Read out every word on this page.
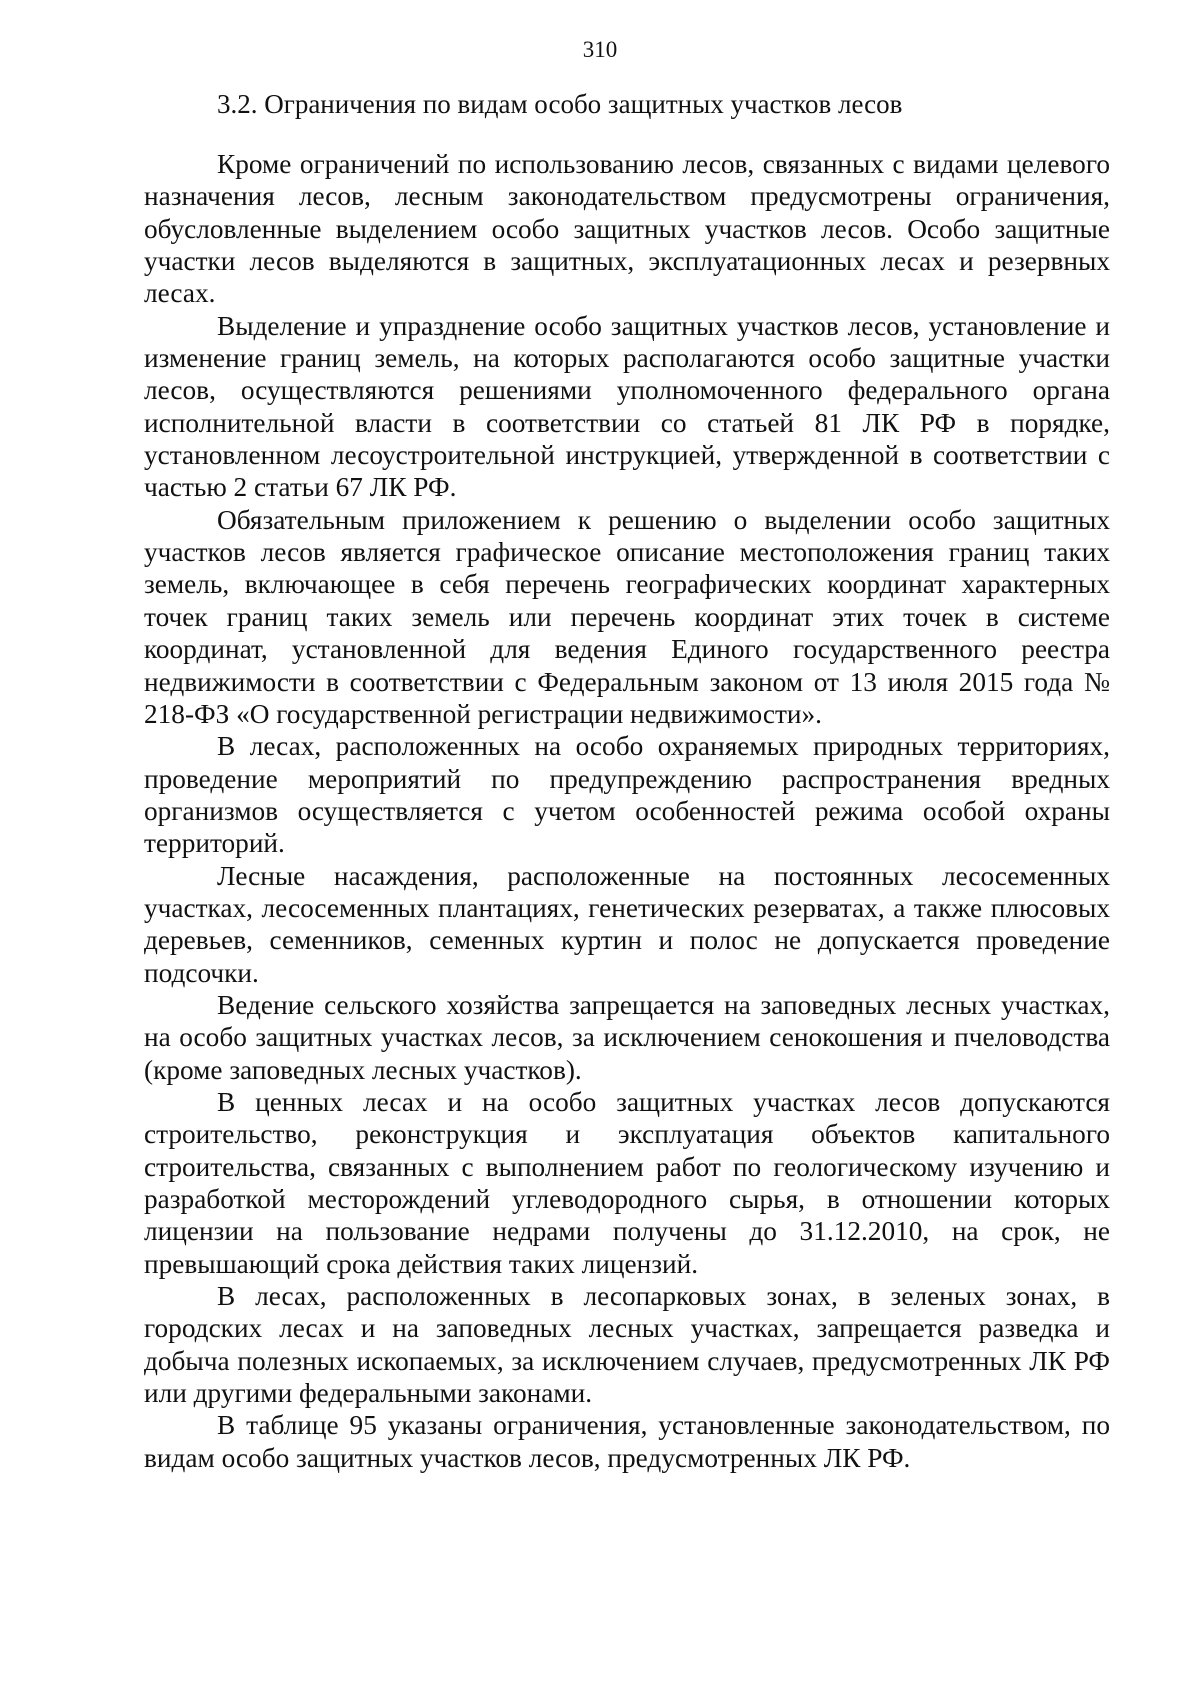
310
3.2. Ограничения по видам особо защитных участков лесов

Кроме ограничений по использованию лесов, связанных с видами целевого назначения лесов, лесным законодательством предусмотрены ограничения, обусловленные выделением особо защитных участков лесов. Особо защитные участки лесов выделяются в защитных, эксплуатационных лесах и резервных лесах.

Выделение и упразднение особо защитных участков лесов, установление и изменение границ земель, на которых располагаются особо защитные участки лесов, осуществляются решениями уполномоченного федерального органа исполнительной власти в соответствии со статьей 81 ЛК РФ в порядке, установленном лесоустроительной инструкцией, утвержденной в соответствии с частью 2 статьи 67 ЛК РФ.

Обязательным приложением к решению о выделении особо защитных участков лесов является графическое описание местоположения границ таких земель, включающее в себя перечень географических координат характерных точек границ таких земель или перечень координат этих точек в системе координат, установленной для ведения Единого государственного реестра недвижимости в соответствии с Федеральным законом от 13 июля 2015 года № 218-ФЗ «О государственной регистрации недвижимости».

В лесах, расположенных на особо охраняемых природных территориях, проведение мероприятий по предупреждению распространения вредных организмов осуществляется с учетом особенностей режима особой охраны территорий.

Лесные насаждения, расположенные на постоянных лесосеменных участках, лесосеменных плантациях, генетических резерватах, а также плюсовых деревьев, семенников, семенных куртин и полос не допускается проведение подсочки.

Ведение сельского хозяйства запрещается на заповедных лесных участках, на особо защитных участках лесов, за исключением сенокошения и пчеловодства (кроме заповедных лесных участков).

В ценных лесах и на особо защитных участках лесов допускаются строительство, реконструкция и эксплуатация объектов капитального строительства, связанных с выполнением работ по геологическому изучению и разработкой месторождений углеводородного сырья, в отношении которых лицензии на пользование недрами получены до 31.12.2010, на срок, не превышающий срока действия таких лицензий.

В лесах, расположенных в лесопарковых зонах, в зеленых зонах, в городских лесах и на заповедных лесных участках, запрещается разведка и добыча полезных ископаемых, за исключением случаев, предусмотренных ЛК РФ или другими федеральными законами.

В таблице 95 указаны ограничения, установленные законодательством, по видам особо защитных участков лесов, предусмотренных ЛК РФ.
